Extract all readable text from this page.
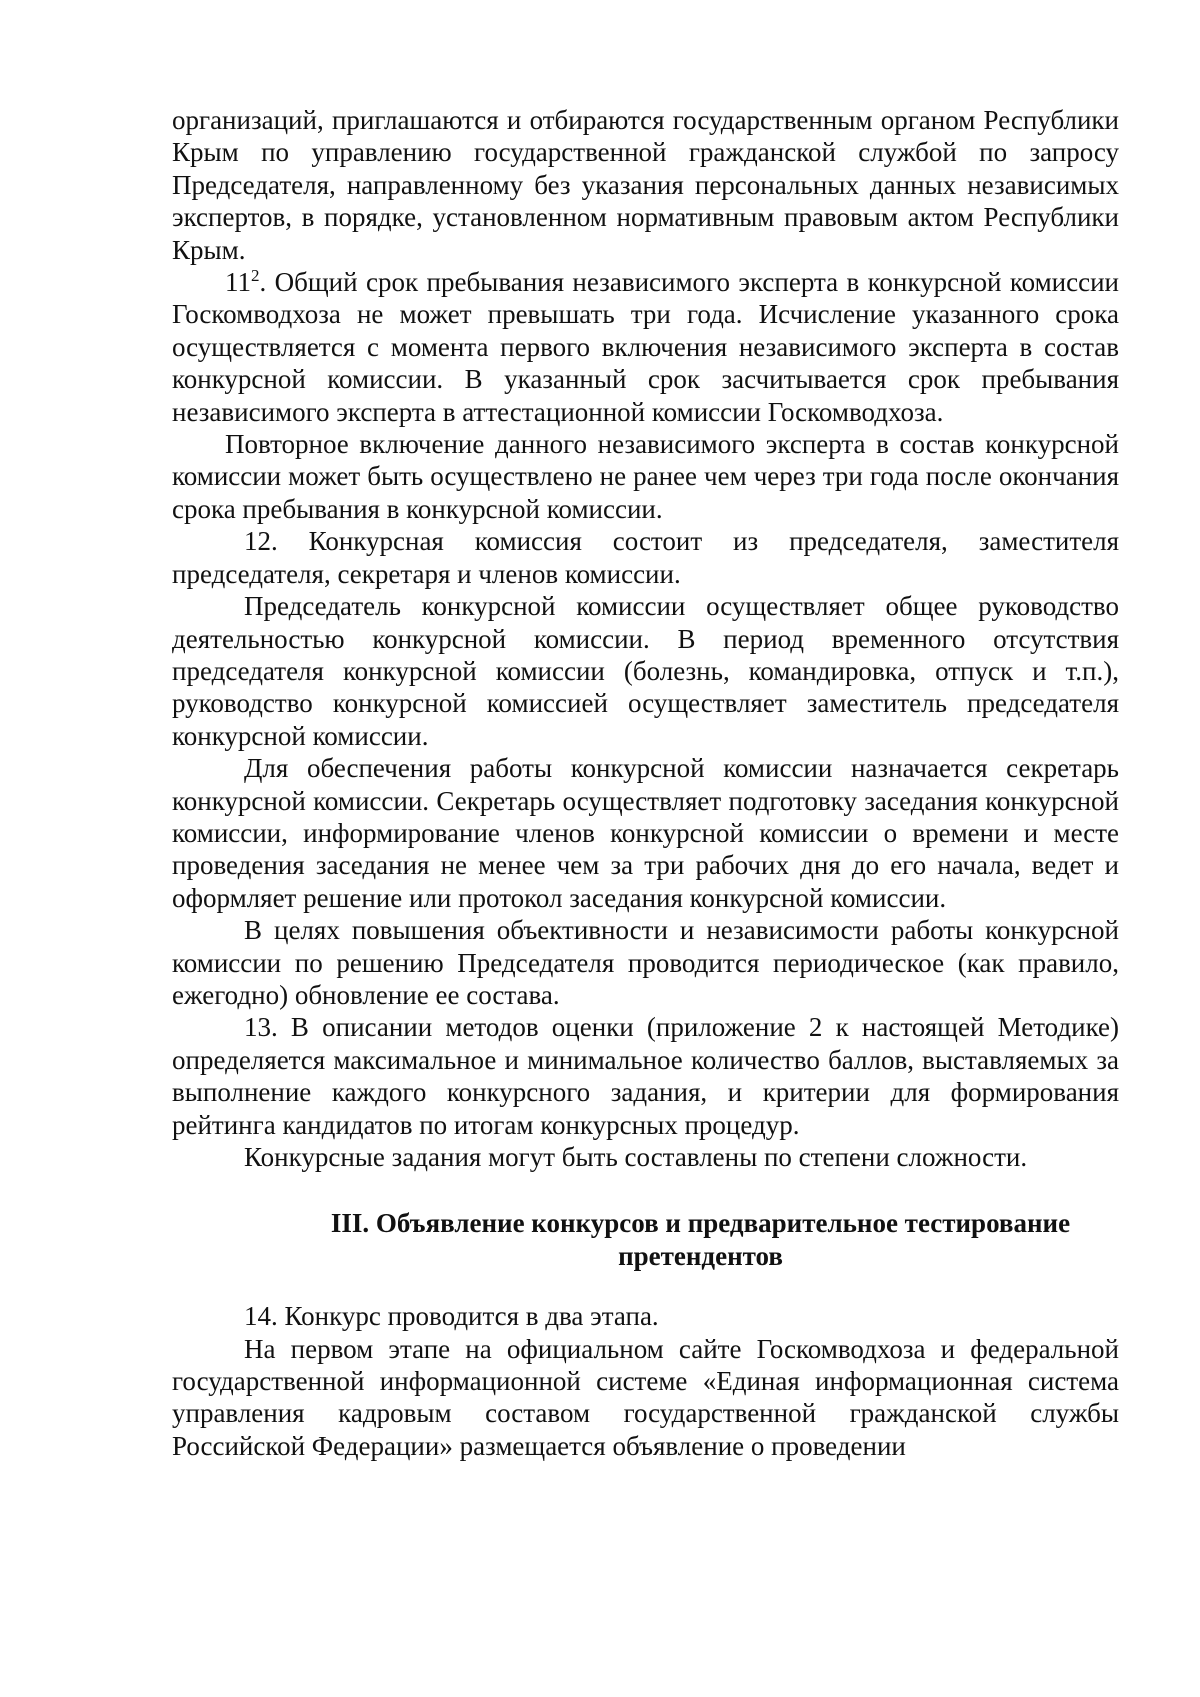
организаций, приглашаются и отбираются государственным органом Республики Крым по управлению государственной гражданской службой по запросу Председателя, направленному без указания персональных данных независимых экспертов, в порядке, установленном нормативным правовым актом Республики Крым.

$11^2$. Общий срок пребывания независимого эксперта в конкурсной комиссии Госкомводхоза не может превышать три года. Исчисление указанного срока осуществляется с момента первого включения независимого эксперта в состав конкурсной комиссии. В указанный срок засчитывается срок пребывания независимого эксперта в аттестационной комиссии Госкомводхоза.

Повторное включение данного независимого эксперта в состав конкурсной комиссии может быть осуществлено не ранее чем через три года после окончания срока пребывания в конкурсной комиссии.

12. Конкурсная комиссия состоит из председателя, заместителя председателя, секретаря и членов комиссии.

Председатель конкурсной комиссии осуществляет общее руководство деятельностью конкурсной комиссии. В период временного отсутствия председателя конкурсной комиссии (болезнь, командировка, отпуск и т.п.), руководство конкурсной комиссией осуществляет заместитель председателя конкурсной комиссии.

Для обеспечения работы конкурсной комиссии назначается секретарь конкурсной комиссии. Секретарь осуществляет подготовку заседания конкурсной комиссии, информирование членов конкурсной комиссии о времени и месте проведения заседания не менее чем за три рабочих дня до его начала, ведет и оформляет решение или протокол заседания конкурсной комиссии.

В целях повышения объективности и независимости работы конкурсной комиссии по решению Председателя проводится периодическое (как правило, ежегодно) обновление ее состава.

13. В описании методов оценки (приложение 2 к настоящей Методике) определяется максимальное и минимальное количество баллов, выставляемых за выполнение каждого конкурсного задания, и критерии для формирования рейтинга кандидатов по итогам конкурсных процедур.

Конкурсные задания могут быть составлены по степени сложности.

III. Объявление конкурсов и предварительное тестирование
претендентов

14. Конкурс проводится в два этапа.

На первом этапе на официальном сайте Госкомводхоза и федеральной государственной информационной системе «Единая информационная система управления кадровым составом государственной гражданской службы Российской Федерации» размещается объявление о проведении
